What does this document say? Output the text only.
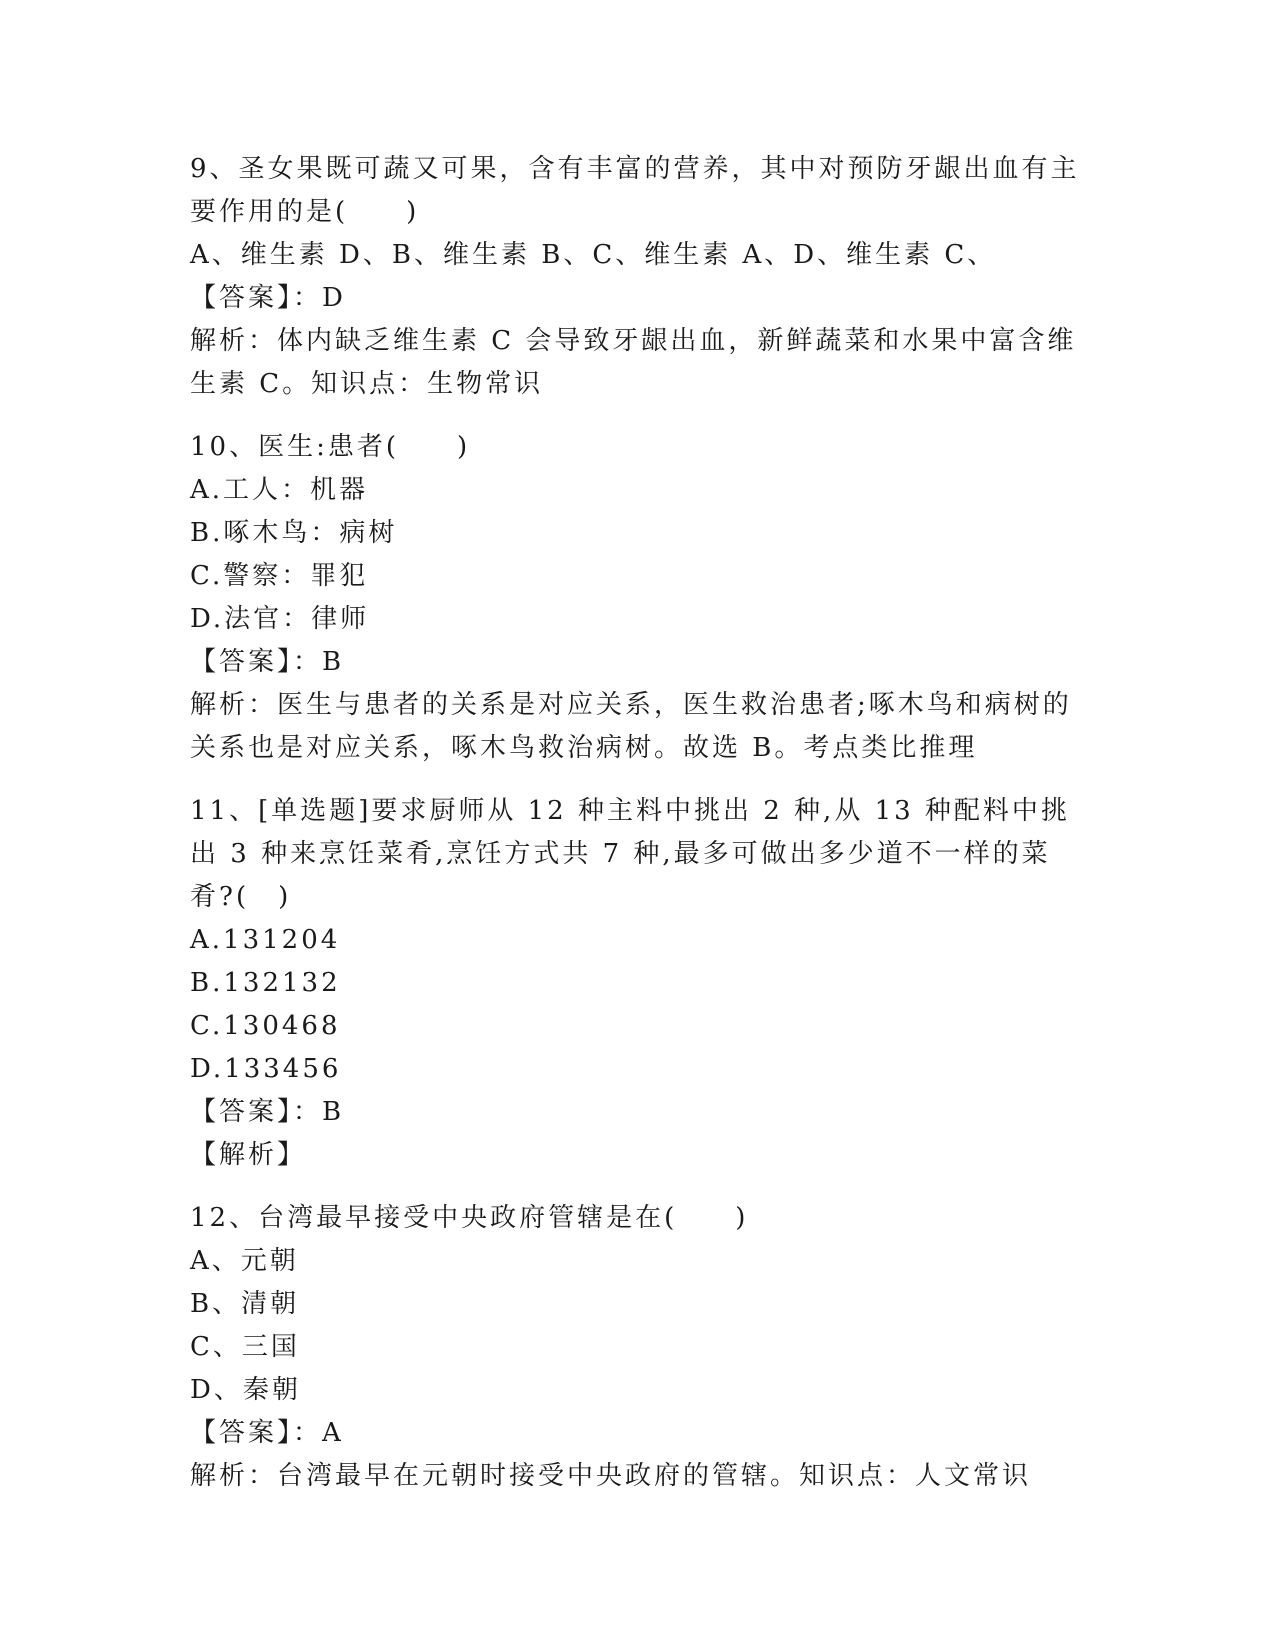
9、圣女果既可蔬又可果，含有丰富的营养，其中对预防牙龈出血有主要作用的是(　　)
A、维生素 D、B、维生素 B、C、维生素 A、D、维生素 C、
【答案】：D
解析：体内缺乏维生素 C 会导致牙龈出血，新鲜蔬菜和水果中富含维生素 C。知识点：生物常识
10、医生:患者(　　)
A.工人：机器
B.啄木鸟：病树
C.警察：罪犯
D.法官：律师
【答案】：B
解析：医生与患者的关系是对应关系，医生救治患者;啄木鸟和病树的关系也是对应关系，啄木鸟救治病树。故选 B。考点类比推理
11、[单选题]要求厨师从 12 种主料中挑出 2 种,从 13 种配料中挑出 3 种来烹饪菜肴,烹饪方式共 7 种,最多可做出多少道不一样的菜肴?(　)
A.131204
B.132132
C.130468
D.133456
【答案】：B
【解析】
12、台湾最早接受中央政府管辖是在(　　)
A、元朝
B、清朝
C、三国
D、秦朝
【答案】：A
解析：台湾最早在元朝时接受中央政府的管辖。知识点：人文常识
